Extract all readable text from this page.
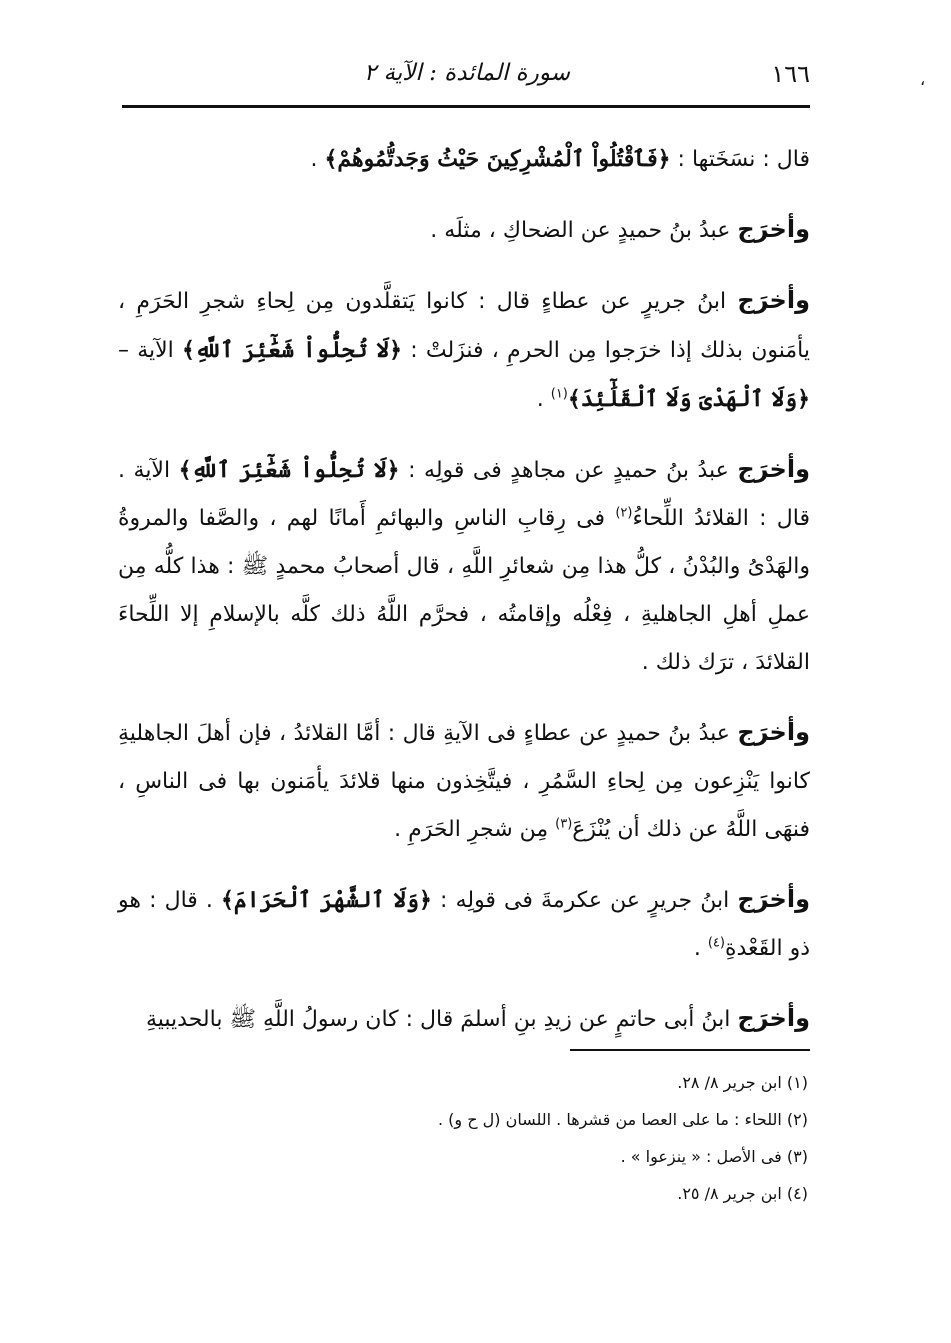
،
١٦٦
سورة المائدة : الآية ٢

قال : نسَخَتها : ﴿فَٱقْتُلُواْ ٱلْمُشْرِكِينَ حَيْثُ وَجَدتُّمُوهُمْ﴾ .

وأخرَج عبدُ بنُ حميدٍ عن الضحاكِ ، مثلَه .

وأخرَج ابنُ جريرٍ عن عطاءٍ قال : كانوا يَتقلَّدون مِن لِحاءِ شجرِ الحَرَمِ ، يأمَنون بذلك إذا خرَجوا مِن الحرمِ ، فنزَلتْ : ﴿لَا تُحِلُّواْ شَعَٰٓئِرَ ٱللَّهِ﴾ الآية – ﴿وَلَا ٱلْهَدْىَ وَلَا ٱلْقَلَٰٓئِدَ﴾$^{(١)}$ .

وأخرَج عبدُ بنُ حميدٍ عن مجاهدٍ فى قولِه : ﴿لَا تُحِلُّواْ شَعَٰٓئِرَ ٱللَّهِ﴾ الآية . قال : القلائدُ اللِّحاءُ$^{(٢)}$ فى رِقابِ الناسِ والبهائمِ أَمانًا لهم ، والصَّفا والمروةُ والهَدْىُ والبُدْنُ ، كلُّ هذا مِن شعائرِ اللَّهِ ، قال أصحابُ محمدٍ ﷺ : هذا كلُّه مِن عملِ أهلِ الجاهليةِ ، فِعْلُه وإقامتُه ، فحرَّم اللَّهُ ذلك كلَّه بالإسلامِ إلا اللِّحاءَ القلائدَ ، ترَك ذلك .

وأخرَج عبدُ بنُ حميدٍ عن عطاءٍ فى الآيةِ قال : أمَّا القلائدُ ، فإن أهلَ الجاهليةِ كانوا يَنْزِعون مِن لِحاءِ السَّمُرِ ، فيتَّخِذون منها قلائدَ يأمَنون بها فى الناسِ ، فنهَى اللَّهُ عن ذلك أن يُنْزَعَ$^{(٣)}$ مِن شجرِ الحَرَمِ .

وأخرَج ابنُ جريرٍ عن عكرمةَ فى قولِه : ﴿وَلَا ٱلشَّهْرَ ٱلْحَرَامَ﴾ . قال : هو ذو القَعْدةِ$^{(٤)}$ .

وأخرَج ابنُ أبى حاتمٍ عن زيدِ بنِ أسلمَ قال : كان رسولُ اللَّهِ ﷺ بالحديبيةِ

(١) ابن جرير ٨/ ٢٨.

(٢) اللحاء : ما على العصا من قشرها . اللسان (ل ح و) .

(٣) فى الأصل : « ينزعوا » .

(٤) ابن جرير ٨/ ٢٥.
